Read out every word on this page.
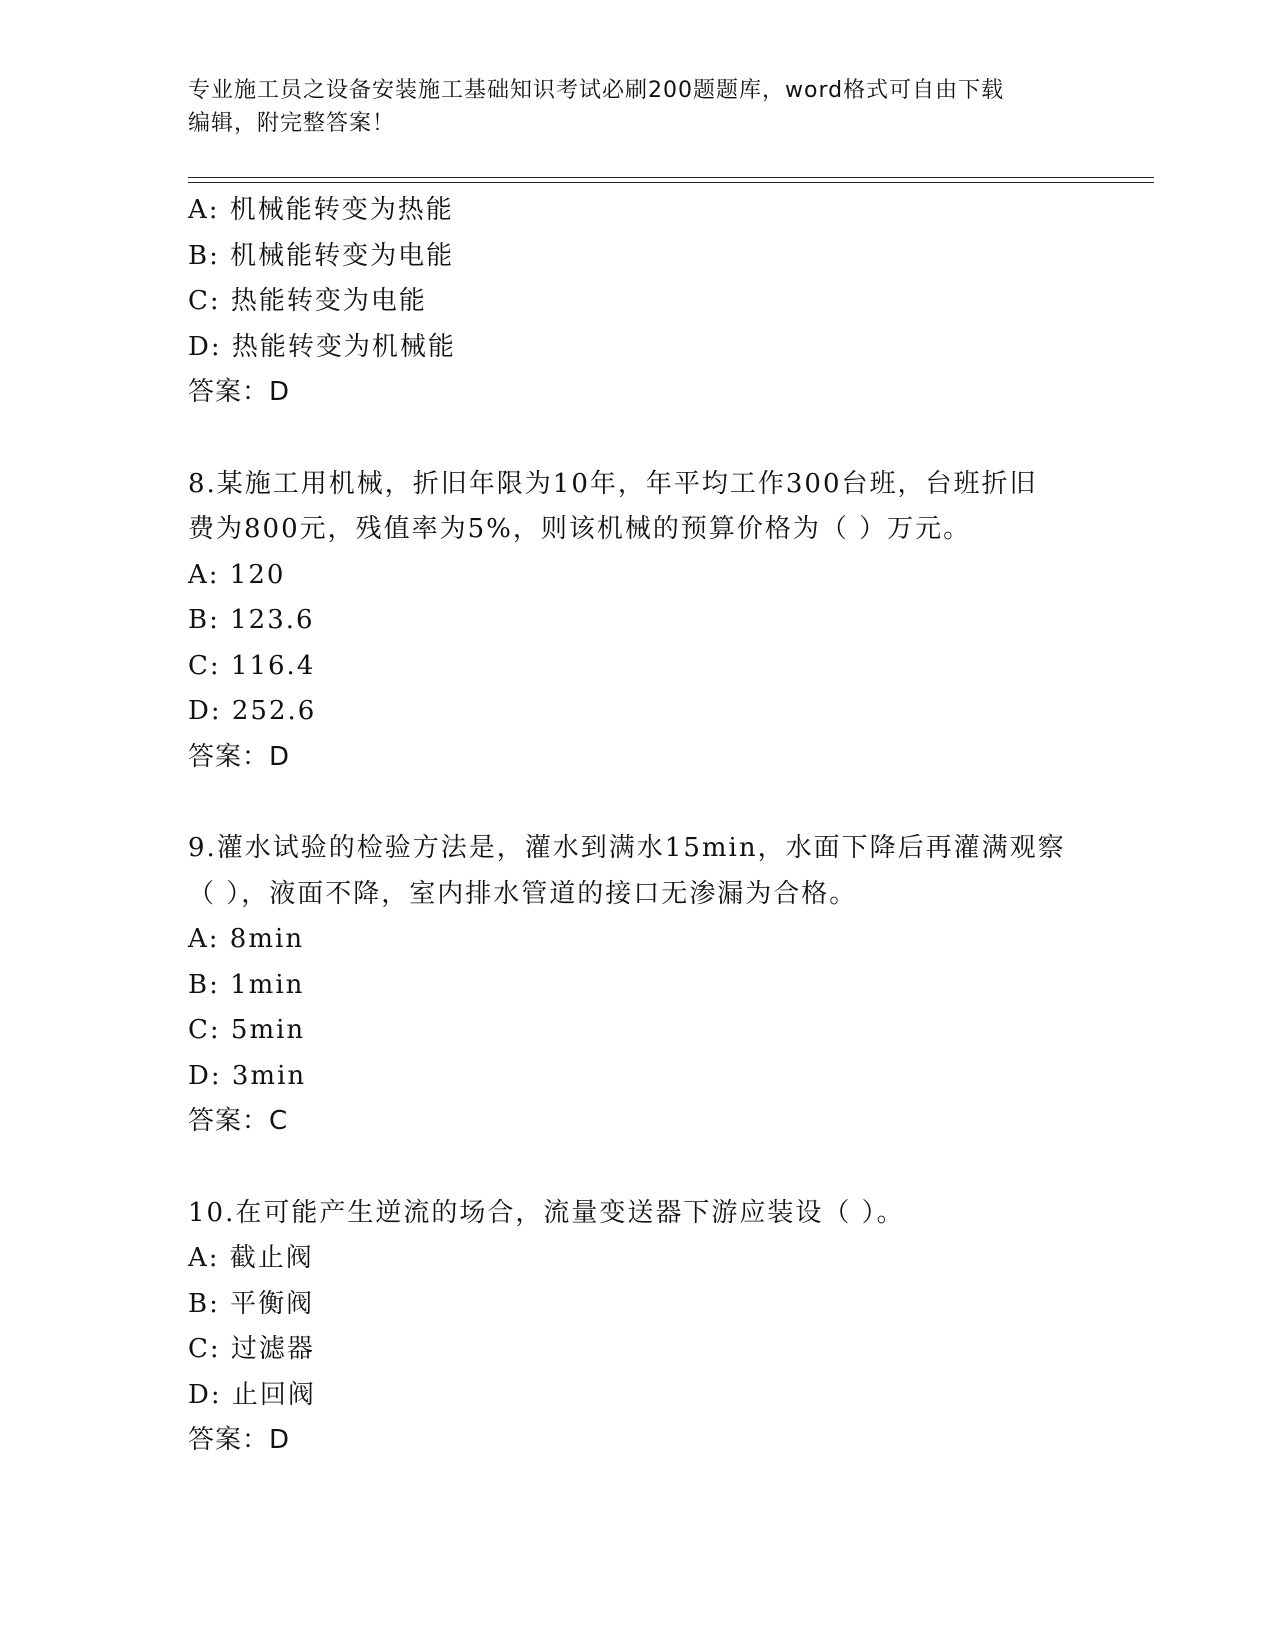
专业施工员之设备安装施工基础知识考试必刷200题题库，word格式可自由下载
编辑，附完整答案！
A: 机械能转变为热能
B: 机械能转变为电能
C: 热能转变为电能
D: 热能转变为机械能
答案：D
8.某施工用机械，折旧年限为10年，年平均工作300台班，台班折旧
费为800元，残值率为5%，则该机械的预算价格为（ ）万元。
A: 120
B: 123.6
C: 116.4
D: 252.6
答案：D
9.灌水试验的检验方法是，灌水到满水15min，水面下降后再灌满观察
（ ），液面不降，室内排水管道的接口无渗漏为合格。
A: 8min
B: 1min
C: 5min
D: 3min
答案：C
10.在可能产生逆流的场合，流量变送器下游应装设（ ）。
A: 截止阀
B: 平衡阀
C: 过滤器
D: 止回阀
答案：D
